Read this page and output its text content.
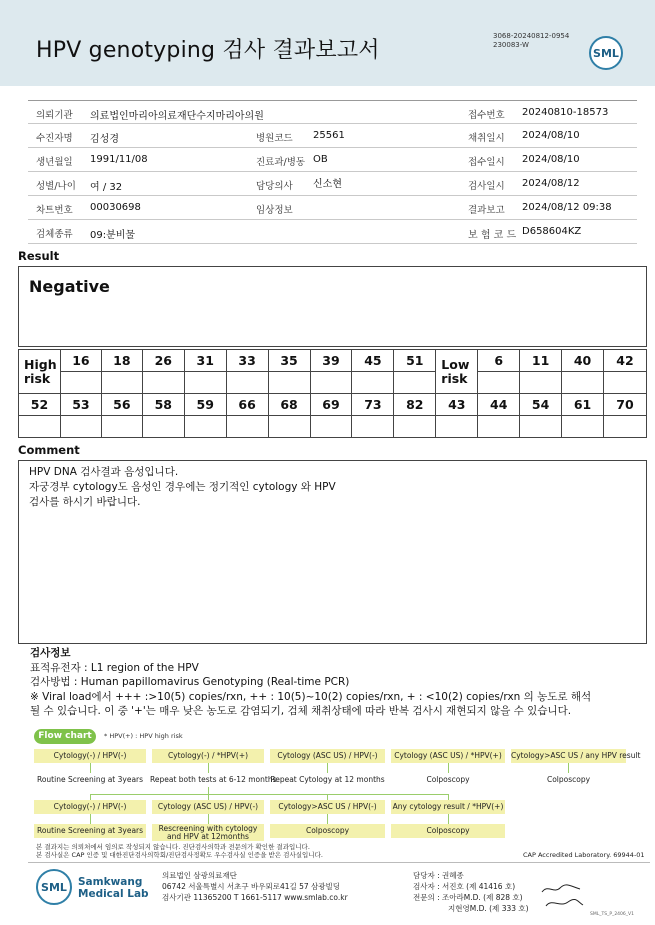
HPV genotyping 검사 결과보고서
3068-20240812-0954
230083-W
SML
의뢰기관 의료법인마리아의료재단수지마리아의원	접수번호 20240810-18573
수진자명 김성경	병원코드 25561	채취일시 2024/08/10
생년월일 1991/11/08	진료과/병동 OB	접수일시 2024/08/10
성별/나이 여 / 32	담당의사 신소현	검사일시 2024/08/12
차트번호 00030698	임상정보	결과보고 2024/08/12 09:38
검체종류 09:분비물	보 험 코 드 D658604KZ
Result
Negative
High risk	16	18	26	31	33	35	39	45	51	Low risk	6	11	40	42

52	53	56	58	59	66	68	69	73	82	43	44	54	61	70

Comment
HPV DNA 검사결과 음성입니다.
자궁경부 cytology도 음성인 경우에는 정기적인 cytology 와 HPV
검사를 하시기 바랍니다.
검사정보
표적유전자 : L1 region of the HPV
검사방법 : Human papillomavirus Genotyping (Real-time PCR)
※ Viral load에서 +++ :>10(5) copies/rxn, ++ : 10(5)~10(2) copies/rxn, + : <10(2) copies/rxn 의 농도로 해석
될 수 있습니다. 이 중 '+'는 매우 낮은 농도로 감염되기, 검체 채취상태에 따라 반복 검사시 재현되지 않을 수 있습니다.
Flow chart	* HPV(+) : HPV high risk
Cytology(-) / HPV(-)	Cytology(-) / *HPV(+)	Cytology (ASC US) / HPV(-)	Cytology (ASC US) / *HPV(+)	Cytology>ASC US / any HPV result
Routine Screening at 3years Repeat both tests at 6-12 months
Repeat Cytology at 12 months	Colposcopy	Colposcopy
Cytology(-) / HPV(-)	Cytology (ASC US) / HPV(-)	Cytology>ASC US / HPV(-)	Any cytology result / *HPV(+)
Routine Screening at 3years	Rescreening with cytology
and HPV at 12months
Colposcopy	Colposcopy
본 결과지는 의뢰처에서 임의로 작성되지 않습니다. 진단검사의학과 전문의가 확인한 결과입니다.
본 검사실은 CAP 인증 및 대한진단검사의학회/진단검사정확도 우수검사실 인증을 받은 검사실입니다.	CAP Accredited Laboratory. 69944-01
SML Samkwang
Medical Lab
의료법인 삼광의료재단
06742 서울특별시 서초구 바우뫼로41길 57 삼광빌딩
검사기관 11365200 T 1661-5117 www.smlab.co.kr
담당자 : 권혜종
검사자 : 서진호 (제 41416 호)
전문의 : 조아라M.D. (제 828 호)
지현영M.D. (제 333 호)
SML_TS_P_2406_V1
